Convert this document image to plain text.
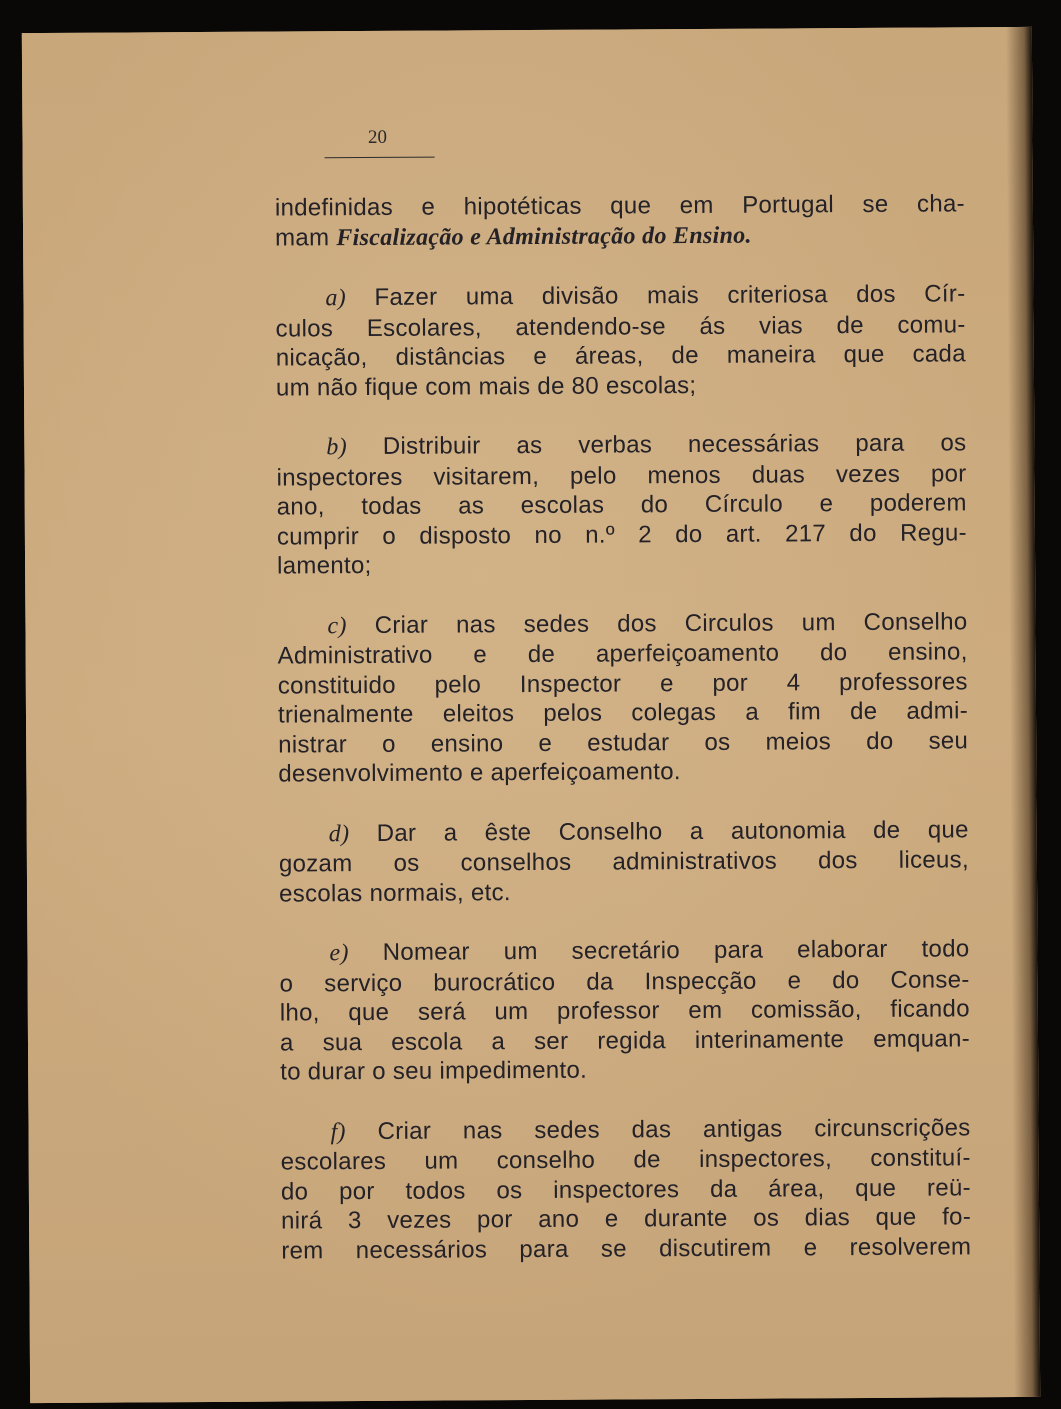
20
indefinidas e hipotéticas que em Portugal se cha-
mam Fiscalização e Administração do Ensino.
a) Fazer uma divisão mais criteriosa dos Cír-
culos Escolares, atendendo-se ás vias de comu-
nicação, distâncias e áreas, de maneira que cada
um não fique com mais de 80 escolas;
b) Distribuir as verbas necessárias para os
inspectores visitarem, pelo menos duas vezes por
ano, todas as escolas do Círculo e poderem
cumprir o disposto no n.º 2 do art. 217 do Regu-
lamento;
c) Criar nas sedes dos Circulos um Conselho
Administrativo e de aperfeiçoamento do ensino,
constituido pelo Inspector e por 4 professores
trienalmente eleitos pelos colegas a fim de admi-
nistrar o ensino e estudar os meios do seu
desenvolvimento e aperfeiçoamento.
d) Dar a êste Conselho a autonomia de que
gozam os conselhos administrativos dos liceus,
escolas normais, etc.
e) Nomear um secretário para elaborar todo
o serviço burocrático da Inspecção e do Conse-
lho, que será um professor em comissão, ficando
a sua escola a ser regida interinamente emquan-
to durar o seu impedimento.
f) Criar nas sedes das antigas circunscrições
escolares um conselho de inspectores, constituí-
do por todos os inspectores da área, que reü-
nirá 3 vezes por ano e durante os dias que fo-
rem necessários para se discutirem e resolverem
